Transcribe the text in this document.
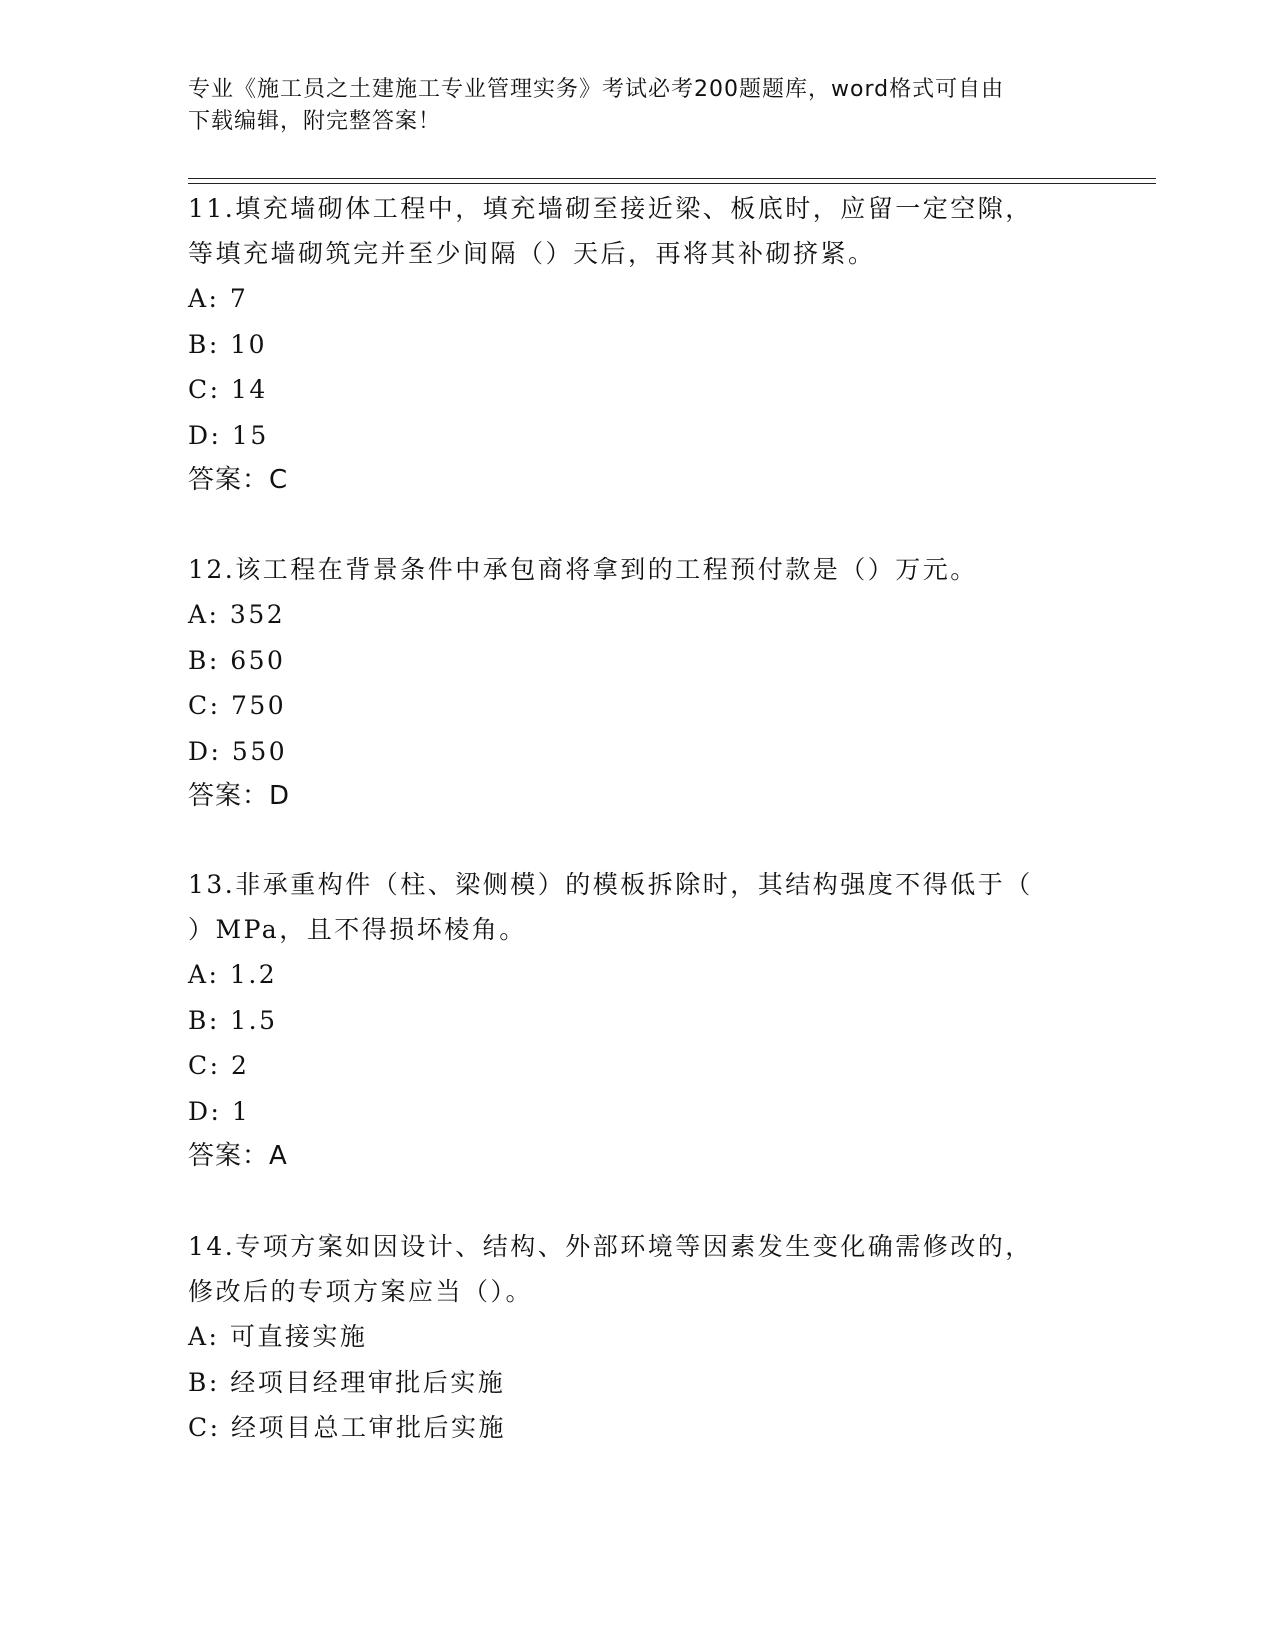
专业《施工员之土建施工专业管理实务》考试必考200题题库，word格式可自由
下载编辑，附完整答案！
11.填充墙砌体工程中，填充墙砌至接近梁、板底时，应留一定空隙，
等填充墙砌筑完并至少间隔（）天后，再将其补砌挤紧。
A: 7
B: 10
C: 14
D: 15
答案：C
12.该工程在背景条件中承包商将拿到的工程预付款是（）万元。
A: 352
B: 650
C: 750
D: 550
答案：D
13.非承重构件（柱、梁侧模）的模板拆除时，其结构强度不得低于（
）MPa，且不得损坏棱角。
A: 1.2
B: 1.5
C: 2
D: 1
答案：A
14.专项方案如因设计、结构、外部环境等因素发生变化确需修改的，
修改后的专项方案应当（）。
A: 可直接实施
B: 经项目经理审批后实施
C: 经项目总工审批后实施
